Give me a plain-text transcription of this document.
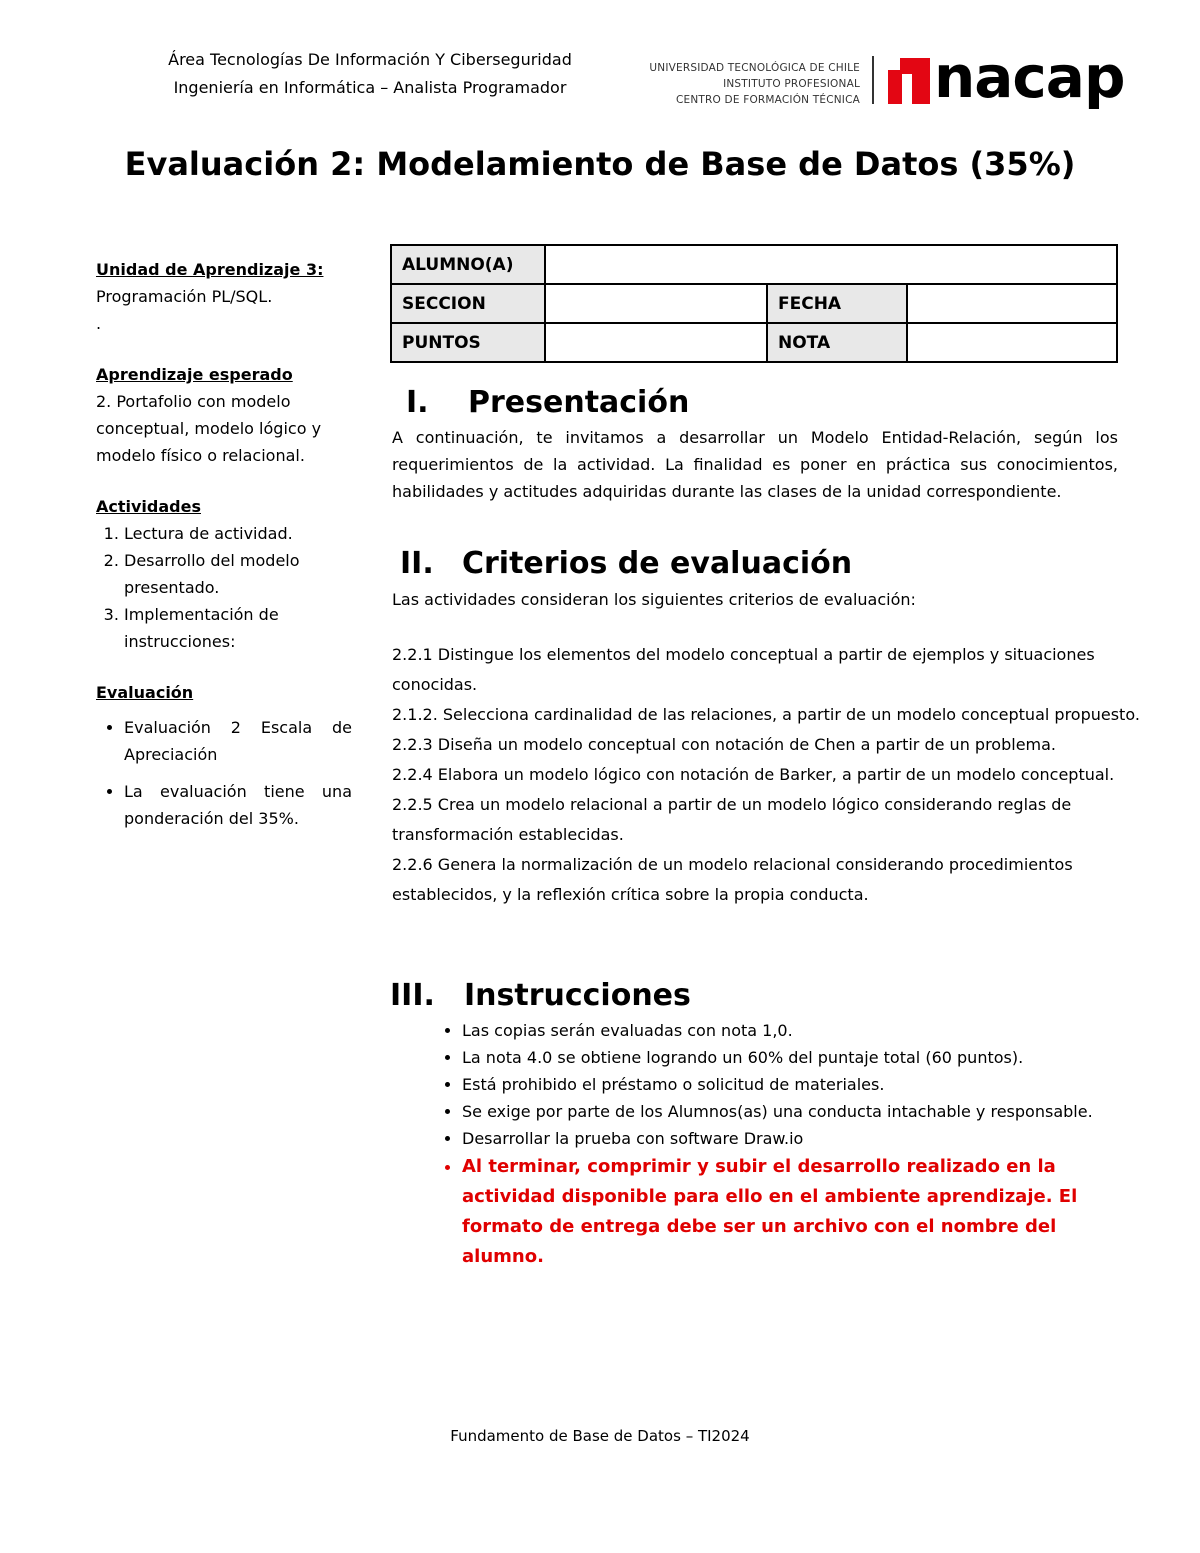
Área Tecnologías De Información Y Ciberseguridad
Ingeniería en Informática – Analista Programador
UNIVERSIDAD TECNOLÓGICA DE CHILE
INSTITUTO PROFESIONAL
CENTRO DE FORMACIÓN TÉCNICA nacap
Evaluación 2: Modelamiento de Base de Datos (35%)

Unidad de Aprendizaje 3:

Programación PL/SQL.

.

Aprendizaje esperado

2. Portafolio con modelo conceptual, modelo lógico y modelo físico o relacional.

Actividades

1. Lectura de actividad.
2. Desarrollo del modelo presentado.
3. Implementación de instrucciones:

Evaluación

• Evaluación 2 Escala de Apreciación
• La evaluación tiene una ponderación del 35%.
ALUMNO(A)			
SECCION		FECHA	
PUNTOS		NOTA	
I. Presentación
A continuación, te invitamos a desarrollar un Modelo Entidad-Relación, según los requerimientos de la actividad. La finalidad es poner en práctica sus conocimientos, habilidades y actitudes adquiridas durante las clases de la unidad correspondiente.
II. Criterios de evaluación
Las actividades consideran los siguientes criterios de evaluación:

2.2.1 Distingue los elementos del modelo conceptual a partir de ejemplos y situaciones conocidas.

2.1.2. Selecciona cardinalidad de las relaciones, a partir de un modelo conceptual propuesto.

2.2.3 Diseña un modelo conceptual con notación de Chen a partir de un problema.

2.2.4 Elabora un modelo lógico con notación de Barker, a partir de un modelo conceptual.

2.2.5 Crea un modelo relacional a partir de un modelo lógico considerando reglas de transformación establecidas.

2.2.6 Genera la normalización de un modelo relacional considerando procedimientos establecidos, y la reflexión crítica sobre la propia conducta.

III. Instrucciones
• Las copias serán evaluadas con nota 1,0.
• La nota 4.0 se obtiene logrando un 60% del puntaje total (60 puntos).
• Está prohibido el préstamo o solicitud de materiales.
• Se exige por parte de los Alumnos(as) una conducta intachable y responsable.
• Desarrollar la prueba con software Draw.io
• Al terminar, comprimir y subir el desarrollo realizado en la actividad disponible para ello en el ambiente aprendizaje. El formato de entrega debe ser un archivo con el nombre del alumno.
Fundamento de Base de Datos – TI2024
